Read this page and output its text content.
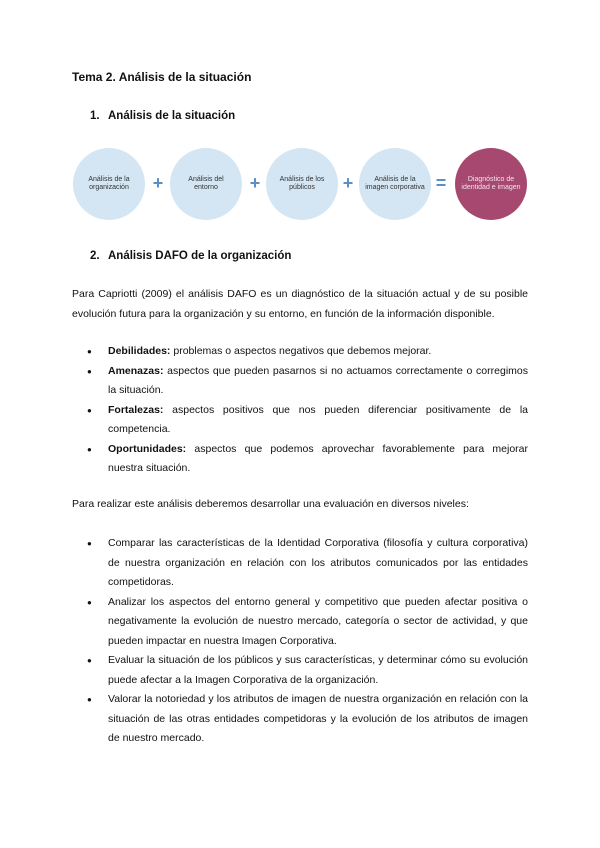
Tema 2. Análisis de la situación
1. Análisis de la situación
Análisis de la organización	+	Análisis del entorno	+	Análisis de los públicos	+	Análisis de la imagen corporativa =	Diagnóstico de identidad e imagen
2. Análisis DAFO de la organización
Para Capriotti (2009) el análisis DAFO es un diagnóstico de la situación actual y de su posible evolución futura para la organización y su entorno, en función de la información disponible.
● Debilidades: problemas o aspectos negativos que debemos mejorar.
● Amenazas: aspectos que pueden pasarnos si no actuamos correctamente o corregimos la situación.
● Fortalezas: aspectos positivos que nos pueden diferenciar positivamente de la competencia.
● Oportunidades: aspectos que podemos aprovechar favorablemente para mejorar nuestra situación.
Para realizar este análisis deberemos desarrollar una evaluación en diversos niveles:
● Comparar las características de la Identidad Corporativa (filosofía y cultura corporativa) de nuestra organización en relación con los atributos comunicados por las entidades competidoras.
● Analizar los aspectos del entorno general y competitivo que pueden afectar positiva o negativamente la evolución de nuestro mercado, categoría o sector de actividad, y que pueden impactar en nuestra Imagen Corporativa.
● Evaluar la situación de los públicos y sus características, y determinar cómo su evolución puede afectar a la Imagen Corporativa de la organización.
● Valorar la notoriedad y los atributos de imagen de nuestra organización en relación con la situación de las otras entidades competidoras y la evolución de los atributos de imagen de nuestro mercado.
